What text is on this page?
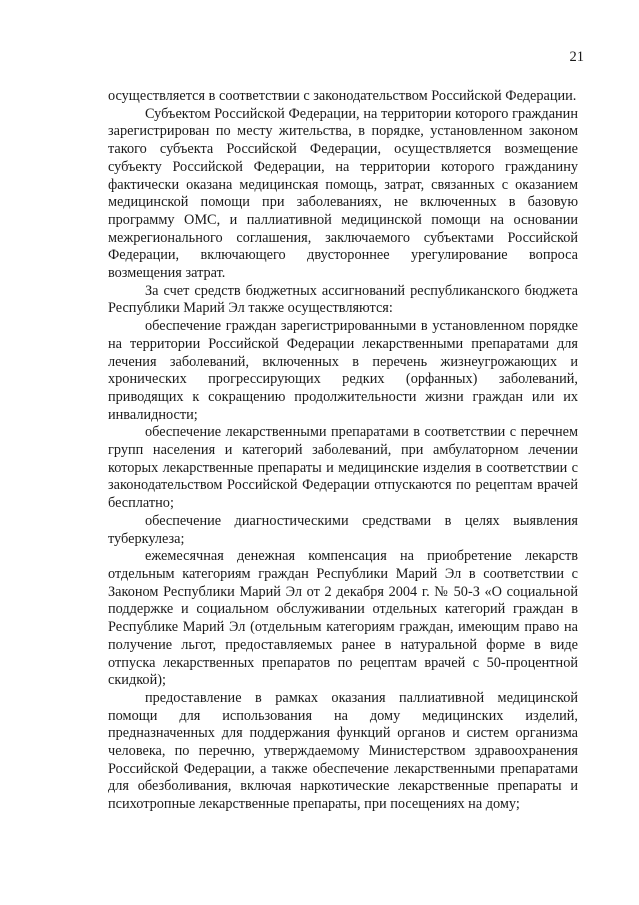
21

осуществляется в соответствии с законодательством Российской Федерации.

Субъектом Российской Федерации, на территории которого гражданин зарегистрирован по месту жительства, в порядке, установленном законом такого субъекта Российской Федерации, осуществляется возмещение субъекту Российской Федерации, на территории которого гражданину фактически оказана медицинская помощь, затрат, связанных с оказанием медицинской помощи при заболеваниях, не включенных в базовую программу ОМС, и паллиативной медицинской помощи на основании межрегионального соглашения, заключаемого субъектами Российской Федерации, включающего двустороннее урегулирование вопроса возмещения затрат.

За счет средств бюджетных ассигнований республиканского бюджета Республики Марий Эл также осуществляются:

обеспечение граждан зарегистрированными в установленном порядке на территории Российской Федерации лекарственными препаратами для лечения заболеваний, включенных в перечень жизнеугрожающих и хронических прогрессирующих редких (орфанных) заболеваний, приводящих к сокращению продолжительности жизни граждан или их инвалидности;

обеспечение лекарственными препаратами в соответствии с перечнем групп населения и категорий заболеваний, при амбулаторном лечении которых лекарственные препараты и медицинские изделия в соответствии с законодательством Российской Федерации отпускаются по рецептам врачей бесплатно;

обеспечение диагностическими средствами в целях выявления туберкулеза;

ежемесячная денежная компенсация на приобретение лекарств отдельным категориям граждан Республики Марий Эл в соответствии с Законом Республики Марий Эл от 2 декабря 2004 г. № 50-З «О социальной поддержке и социальном обслуживании отдельных категорий граждан в Республике Марий Эл (отдельным категориям граждан, имеющим право на получение льгот, предоставляемых ранее в натуральной форме в виде отпуска лекарственных препаратов по рецептам врачей с 50-процентной скидкой);

предоставление в рамках оказания паллиативной медицинской помощи для использования на дому медицинских изделий, предназначенных для поддержания функций органов и систем организма человека, по перечню, утверждаемому Министерством здравоохранения Российской Федерации, а также обеспечение лекарственными препаратами для обезболивания, включая наркотические лекарственные препараты и психотропные лекарственные препараты, при посещениях на дому;
